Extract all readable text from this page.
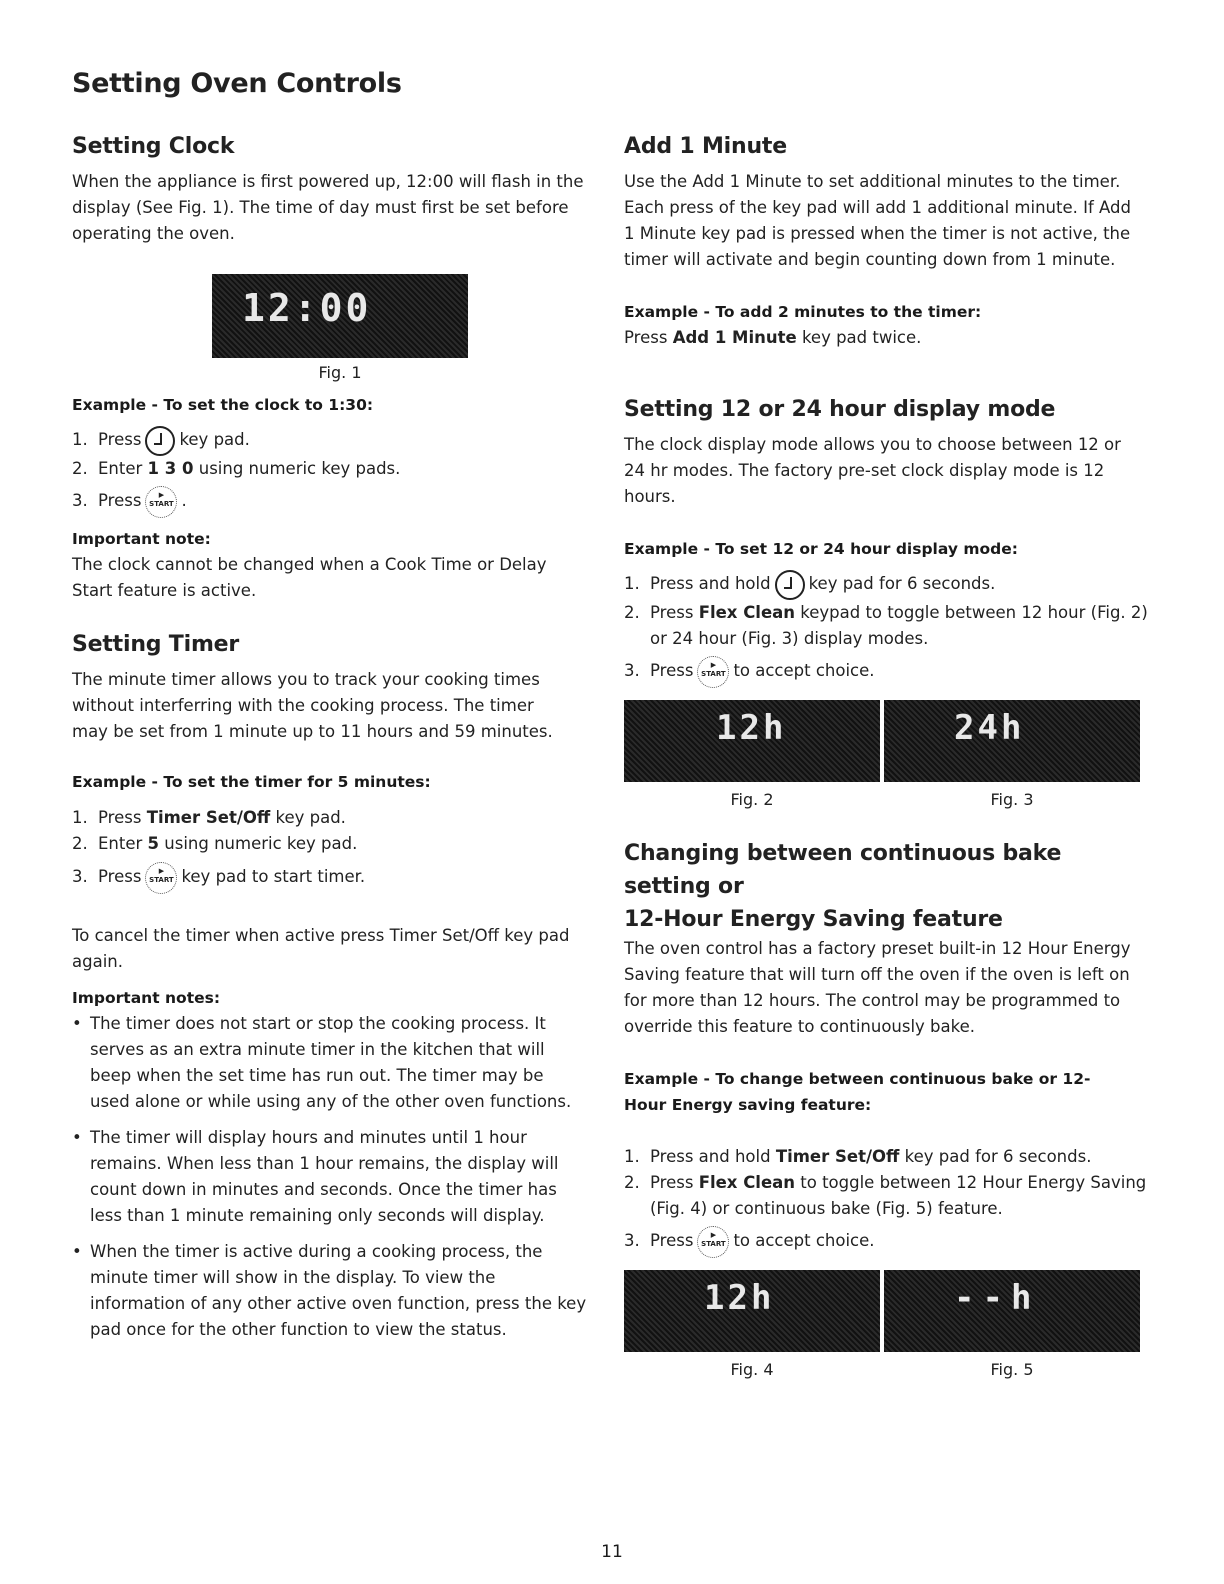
Setting Oven Controls
Setting Clock

When the appliance is first powered up, 12:00 will flash in the display (See Fig. 1). The time of day must first be set before operating the oven.

12:00
Fig. 1
Example - To set the clock to 1:30:
1. Press key pad.
2. Enter 1 3 0 using numeric key pads.
3. Press ▶ START .
Important note:

The clock cannot be changed when a Cook Time or Delay Start feature is active.

Setting Timer

The minute timer allows you to track your cooking times without interferring with the cooking process. The timer may be set from 1 minute up to 11 hours and 59 minutes.

Example - To set the timer for 5 minutes:
1. Press Timer Set/Off key pad.
2. Enter 5 using numeric key pad.
3. Press ▶ START key pad to start timer.

To cancel the timer when active press Timer Set/Off key pad again.

Important notes:
• The timer does not start or stop the cooking process. It serves as an extra minute timer in the kitchen that will beep when the set time has run out. The timer may be used alone or while using any of the other oven functions.
• The timer will display hours and minutes until 1 hour remains. When less than 1 hour remains, the display will count down in minutes and seconds. Once the timer has less than 1 minute remaining only seconds will display.
• When the timer is active during a cooking process, the minute timer will show in the display. To view the information of any other active oven function, press the key pad once for the other function to view the status.
Add 1 Minute

Use the Add 1 Minute to set additional minutes to the timer. Each press of the key pad will add 1 additional minute. If Add 1 Minute key pad is pressed when the timer is not active, the timer will activate and begin counting down from 1 minute.

Example - To add 2 minutes to the timer:

Press Add 1 Minute key pad twice.

Setting 12 or 24 hour display mode

The clock display mode allows you to choose between 12 or 24 hr modes. The factory pre-set clock display mode is 12 hours.

Example - To set 12 or 24 hour display mode:
1. Press and hold key pad for 6 seconds.
2. Press Flex Clean keypad to toggle between 12 hour (Fig. 2) or 24 hour (Fig. 3) display modes.
3. Press ▶ START to accept choice.
12h	24h
Fig. 2	Fig. 3
Changing between continuous bake setting or
12-Hour Energy Saving feature

The oven control has a factory preset built-in 12 Hour Energy Saving feature that will turn off the oven if the oven is left on for more than 12 hours. The control may be programmed to override this feature to continuously bake.

Example - To change between continuous bake or 12-
Hour Energy saving feature:
1. Press and hold Timer Set/Off key pad for 6 seconds.
2. Press Flex Clean to toggle between 12 Hour Energy Saving (Fig. 4) or continuous bake (Fig. 5) feature.
3. Press ▶ START to accept choice.
12h	--h
Fig. 4	Fig. 5
11
